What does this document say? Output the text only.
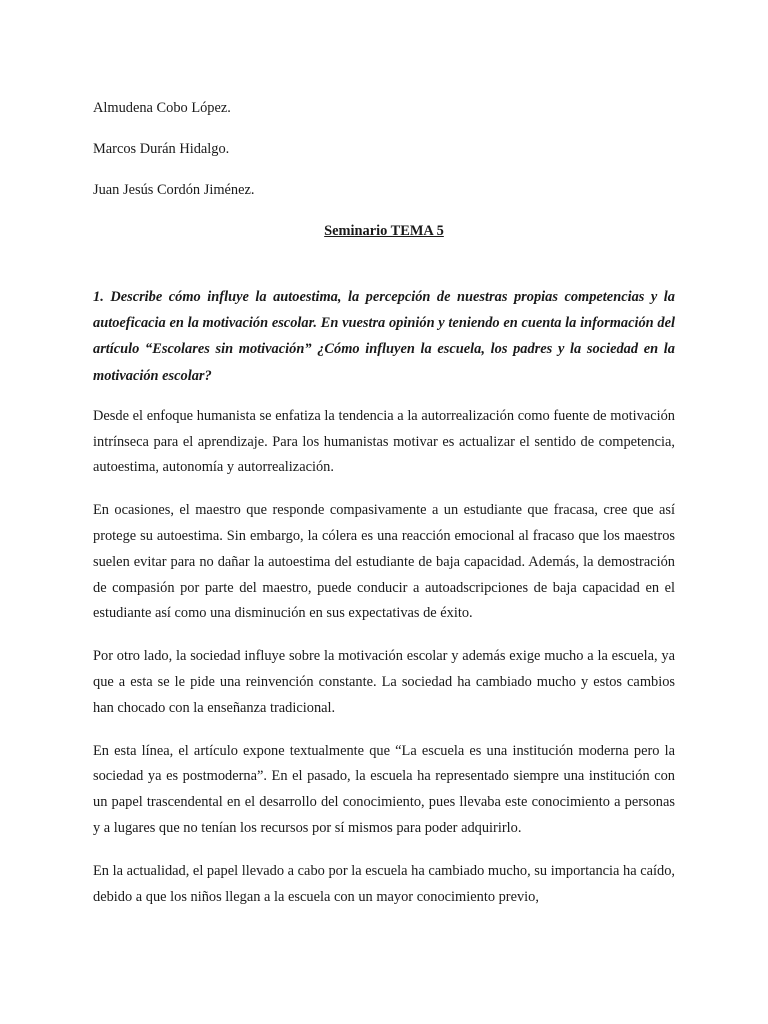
Almudena Cobo López.

Marcos Durán Hidalgo.

Juan Jesús Cordón Jiménez.

Seminario TEMA 5

1. Describe cómo influye la autoestima, la percepción de nuestras propias competencias y la autoeficacia en la motivación escolar. En vuestra opinión y teniendo en cuenta la información del artículo “Escolares sin motivación” ¿Cómo influyen la escuela, los padres y la sociedad en la motivación escolar?

Desde el enfoque humanista se enfatiza la tendencia a la autorrealización como fuente de motivación intrínseca para el aprendizaje. Para los humanistas motivar es actualizar el sentido de competencia, autoestima, autonomía y autorrealización.

En ocasiones, el maestro que responde compasivamente a un estudiante que fracasa, cree que así protege su autoestima. Sin embargo, la cólera es una reacción emocional al fracaso que los maestros suelen evitar para no dañar la autoestima del estudiante de baja capacidad. Además, la demostración de compasión por parte del maestro, puede conducir a autoadscripciones de baja capacidad en el estudiante así como una disminución en sus expectativas de éxito.

Por otro lado, la sociedad influye sobre la motivación escolar y además exige mucho a la escuela, ya que a esta se le pide una reinvención constante. La sociedad ha cambiado mucho y estos cambios han chocado con la enseñanza tradicional.

En esta línea, el artículo expone textualmente que “La escuela es una institución moderna pero la sociedad ya es postmoderna”. En el pasado, la escuela ha representado siempre una institución con un papel trascendental en el desarrollo del conocimiento, pues llevaba este conocimiento a personas y a lugares que no tenían los recursos por sí mismos para poder adquirirlo.

En la actualidad, el papel llevado a cabo por la escuela ha cambiado mucho, su importancia ha caído, debido a que los niños llegan a la escuela con un mayor conocimiento previo,
